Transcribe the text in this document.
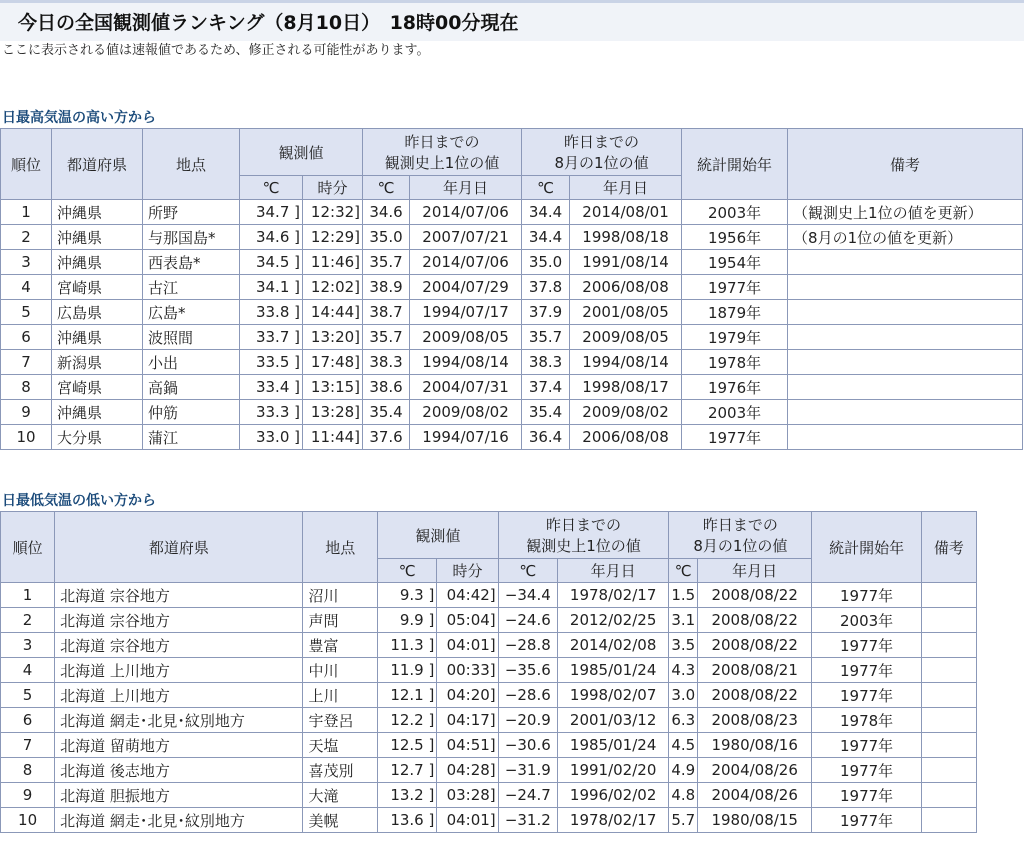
今日の全国観測値ランキング（8月10日）　18時00分現在

ここに表示される値は速報値であるため、修正される可能性があります。

日最高気温の高い方から
順位	都道府県	地点	観測値		昨日までの
観測史上1位の値		昨日までの
8月の1位の値		統計開始年	備考
			℃	時分	℃	年月日	℃	年月日		
1	沖縄県	所野	34.7 ]	12:32]	34.6	2014/07/06	34.4	2014/08/01	2003年	（観測史上1位の値を更新）
2	沖縄県	与那国島*	34.6 ]	12:29]	35.0	2007/07/21	34.4	1998/08/18	1956年	（8月の1位の値を更新）
3	沖縄県	西表島*	34.5 ]	11:46]	35.7	2014/07/06	35.0	1991/08/14	1954年	
4	宮崎県	古江	34.1 ]	12:02]	38.9	2004/07/29	37.8	2006/08/08	1977年	
5	広島県	広島*	33.8 ]	14:44]	38.7	1994/07/17	37.9	2001/08/05	1879年	
6	沖縄県	波照間	33.7 ]	13:20]	35.7	2009/08/05	35.7	2009/08/05	1979年	
7	新潟県	小出	33.5 ]	17:48]	38.3	1994/08/14	38.3	1994/08/14	1978年	
8	宮崎県	高鍋	33.4 ]	13:15]	38.6	2004/07/31	37.4	1998/08/17	1976年	
9	沖縄県	仲筋	33.3 ]	13:28]	35.4	2009/08/02	35.4	2009/08/02	2003年	
10	大分県	蒲江	33.0 ]	11:44]	37.6	1994/07/16	36.4	2006/08/08	1977年	
日最低気温の低い方から
順位	都道府県	地点	観測値		昨日までの
観測史上1位の値		昨日までの
8月の1位の値		統計開始年	備考
			℃	時分	℃	年月日	℃	年月日		
1	北海道 宗谷地方	沼川	9.3 ]	04:42]	−34.4	1978/02/17	1.5	2008/08/22	1977年	
2	北海道 宗谷地方	声問	9.9 ]	05:04]	−24.6	2012/02/25	3.1	2008/08/22	2003年	
3	北海道 宗谷地方	豊富	11.3 ]	04:01]	−28.8	2014/02/08	3.5	2008/08/22	1977年	
4	北海道 上川地方	中川	11.9 ]	00:33]	−35.6	1985/01/24	4.3	2008/08/21	1977年	
5	北海道 上川地方	上川	12.1 ]	04:20]	−28.6	1998/02/07	3.0	2008/08/22	1977年	
6	北海道 網走･北見･紋別地方	宇登呂	12.2 ]	04:17]	−20.9	2001/03/12	6.3	2008/08/23	1978年	
7	北海道 留萌地方	天塩	12.5 ]	04:51]	−30.6	1985/01/24	4.5	1980/08/16	1977年	
8	北海道 後志地方	喜茂別	12.7 ]	04:28]	−31.9	1991/02/20	4.9	2004/08/26	1977年	
9	北海道 胆振地方	大滝	13.2 ]	03:28]	−24.7	1996/02/02	4.8	2004/08/26	1977年	
10	北海道 網走･北見･紋別地方	美幌	13.6 ]	04:01]	−31.2	1978/02/17	5.7	1980/08/15	1977年	
